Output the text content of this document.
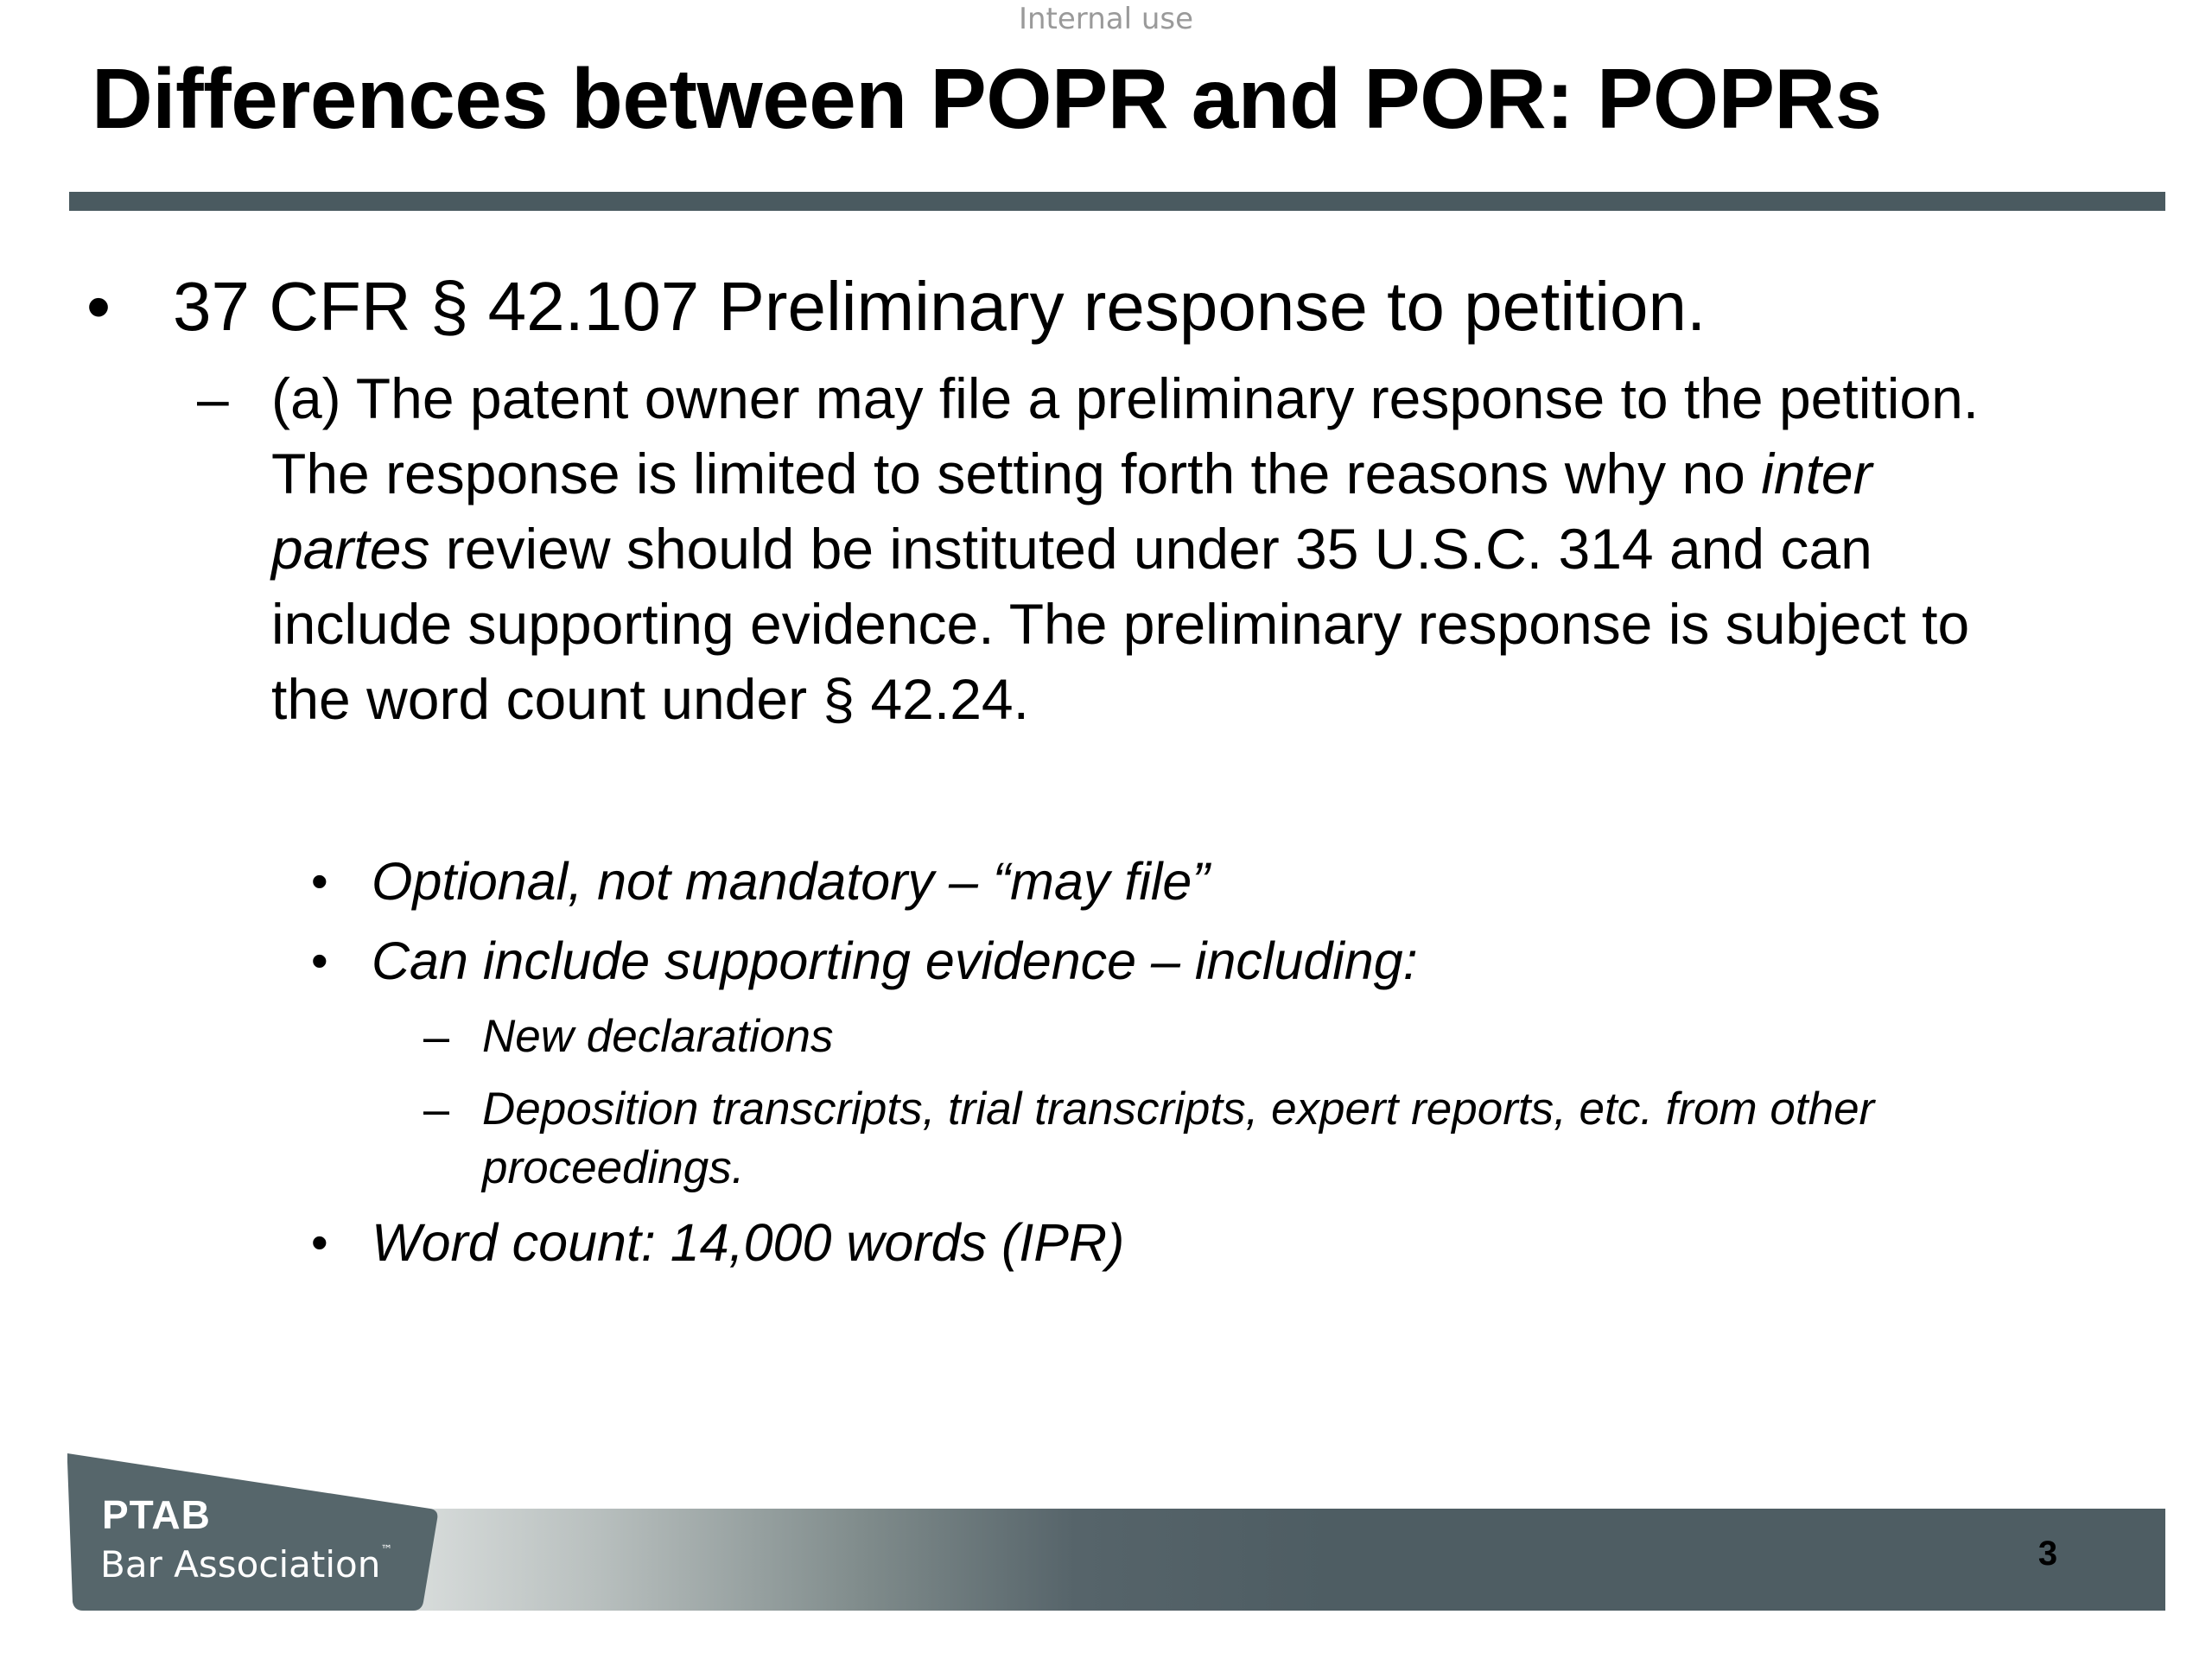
Internal use
Differences between POPR and POR: POPRs
• 37 CFR § 42.107 Preliminary response to petition.
– (a) The patent owner may file a preliminary response to the petition.
The response is limited to setting forth the reasons why no inter
partes review should be instituted under 35 U.S.C. 314 and can
include supporting evidence. The preliminary response is subject to
the word count under § 42.24.
• Optional, not mandatory – “may file”
• Can include supporting evidence – including:
– New declarations
– Deposition transcripts, trial transcripts, expert reports, etc. from other
proceedings.
• Word count: 14,000 words (IPR)
PTAB
Bar Association™	3
